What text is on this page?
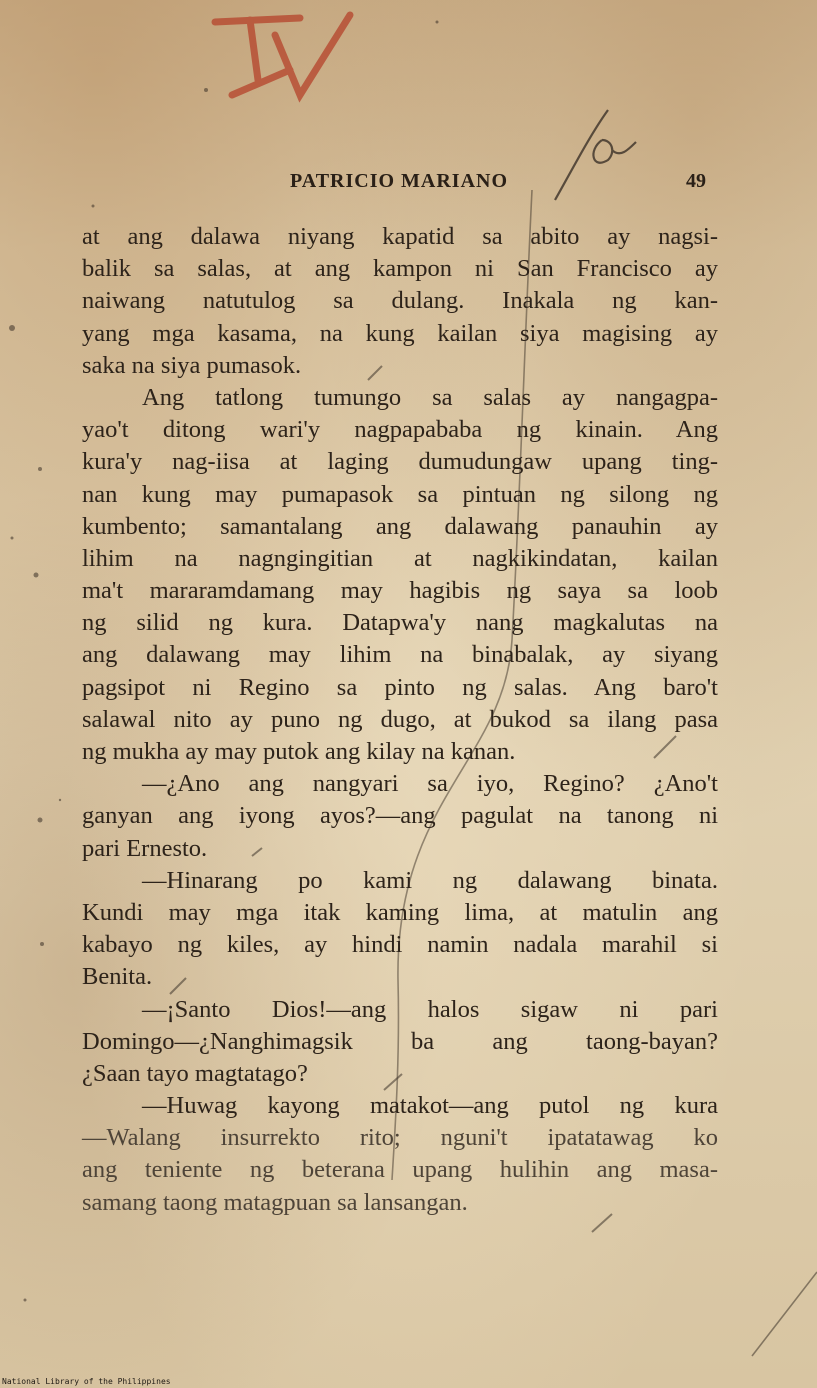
PATRICIO MARIANO	49
at ang dalawa niyang kapatid sa abito ay nagsi-
balik sa salas, at ang kampon ni San Francisco ay
naiwang natutulog sa dulang. Inakala ng kan-
yang mga kasama, na kung kailan siya magising ay
saka na siya pumasok.
Ang tatlong tumungo sa salas ay nangagpa-
yao't ditong wari'y nagpapababa ng kinain. Ang
kura'y nag-iisa at laging dumudungaw upang ting-
nan kung may pumapasok sa pintuan ng silong ng
kumbento; samantalang ang dalawang panauhin ay
lihim na nagngingitian at nagkikindatan, kailan
ma't mararamdamang may hagibis ng saya sa loob
ng silid ng kura. Datapwa'y nang magkalutas na
ang dalawang may lihim na binabalak, ay siyang
pagsipot ni Regino sa pinto ng salas. Ang baro't
salawal nito ay puno ng dugo, at bukod sa ilang pasa
ng mukha ay may putok ang kilay na kanan.
—¿Ano ang nangyari sa iyo, Regino? ¿Ano't
ganyan ang iyong ayos?—ang pagulat na tanong ni
pari Ernesto.
—Hinarang po kami ng dalawang binata.
Kundi may mga itak kaming lima, at matulin ang
kabayo ng kiles, ay hindi namin nadala marahil si
Benita.
—¡Santo Dios!—ang halos sigaw ni pari
Domingo—¿Nanghimagsik ba ang taong-bayan?
¿Saan tayo magtatago?
—Huwag kayong matakot—ang putol ng kura
—Walang insurrekto rito; nguni't ipatatawag ko
ang teniente ng beterana upang hulihin ang masa-
samang taong matagpuan sa lansangan.
National Library of the Philippines
